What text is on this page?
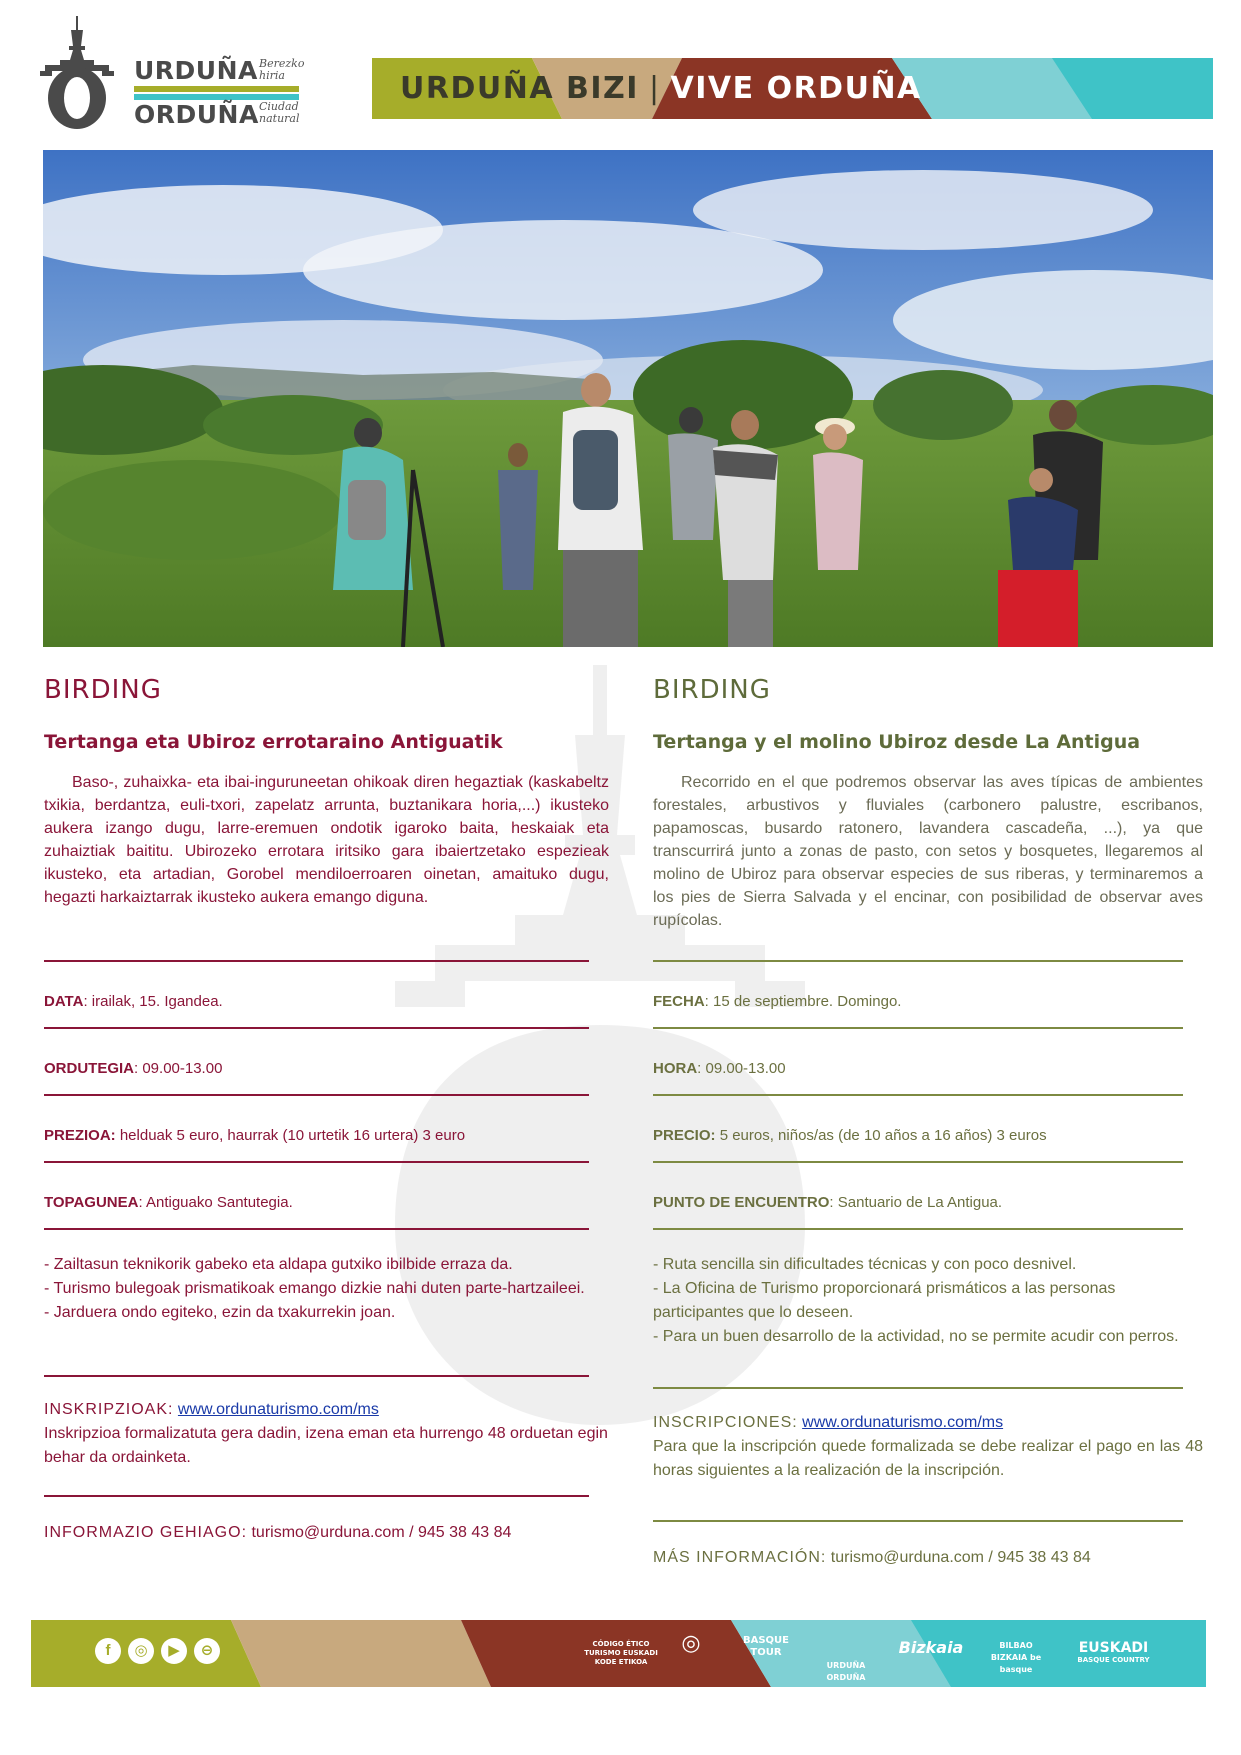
URDUÑA
ORDUÑA
Berezko
hiria
Ciudad
natural
URDUÑA BIZI | VIVE ORDUÑA
BIRDING
Tertanga eta Ubiroz errotaraino Antiguatik
Baso-, zuhaixka- eta ibai-inguruneetan ohikoak diren hegaztiak (kaskabeltz txikia, berdantza, euli-txori, zapelatz arrunta, buztanikara horia,...) ikusteko aukera izango dugu, larre-eremuen ondotik igaroko baita, heskaiak eta zuhaiztiak baititu. Ubirozeko errotara iritsiko gara ibaiertzetako espezieak ikusteko, eta artadian, Gorobel mendiloerroaren oinetan, amaituko dugu, hegazti harkaiztarrak ikusteko aukera emango diguna.
DATA: irailak, 15. Igandea.
ORDUTEGIA: 09.00-13.00
PREZIOA: helduak 5 euro, haurrak (10 urtetik 16 urtera) 3 euro
TOPAGUNEA: Antiguako Santutegia.
- Zailtasun teknikorik gabeko eta aldapa gutxiko ibilbide erraza da.
- Turismo bulegoak prismatikoak emango dizkie nahi duten parte-hartzaileei.
- Jarduera ondo egiteko, ezin da txakurrekin joan.
INSKRIPZIOAK: www.ordunaturismo.com/ms
Inskripzioa formalizatuta gera dadin, izena eman eta hurrengo 48 orduetan egin behar da ordainketa.
INFORMAZIO GEHIAGO: turismo@urduna.com / 945 38 43 84
BIRDING
Tertanga y el molino Ubiroz desde La Antigua
Recorrido en el que podremos observar las aves típicas de ambientes forestales, arbustivos y fluviales (carbonero palustre, escribanos, papamoscas, busardo ratonero, lavandera cascadeña, ...), ya que transcurrirá junto a zonas de pasto, con setos y bosquetes, llegaremos al molino de Ubiroz para observar especies de sus riberas, y terminaremos a los pies de Sierra Salvada y el encinar, con posibilidad de observar aves rupícolas.
FECHA: 15 de septiembre. Domingo.
HORA: 09.00-13.00
PRECIO: 5 euros, niños/as (de 10 años a 16 años) 3 euros
PUNTO DE ENCUENTRO: Santuario de La Antigua.
- Ruta sencilla sin dificultades técnicas y con poco desnivel.
- La Oficina de Turismo proporcionará prismáticos a las personas participantes que lo deseen.
- Para un buen desarrollo de la actividad, no se permite acudir con perros.
INSCRIPCIONES: www.ordunaturismo.com/ms
Para que la inscripción quede formalizada se debe realizar el pago en las 48 horas siguientes a la realización de la inscripción.
MÁS INFORMACIÓN: turismo@urduna.com / 945 38 43 84
f	◎	▶	⊖	CÓDIGO ÉTICO TURISMO EUSKADI KODE ETIKOA
◎	BASQUE TOUR
URDUÑA ORDUÑA
Bizkaia	BILBAO BIZKAIA be basque
EUSKADI
BASQUE COUNTRY
